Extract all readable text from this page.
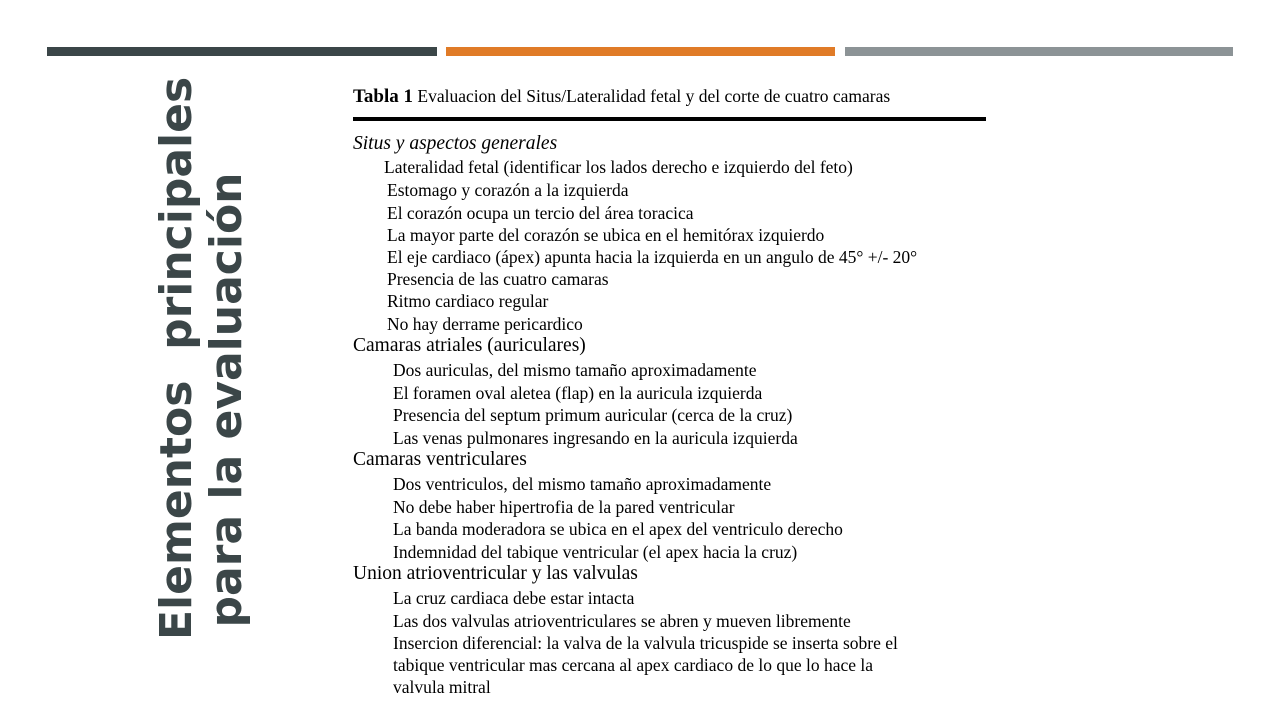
Elementos  principales para la evaluación
Tabla 1 Evaluacion del Situs/Lateralidad fetal y del corte de cuatro camaras
Situs y aspectos generales
Lateralidad fetal (identificar los lados derecho e izquierdo del feto)
Estomago y corazón a la izquierda
El corazón ocupa un tercio del área toracica
La mayor parte del corazón se ubica en el hemitórax izquierdo
El eje cardiaco (ápex) apunta hacia la izquierda en un angulo de 45° +/- 20°
Presencia de las cuatro camaras
Ritmo cardiaco regular
No hay derrame pericardico
Camaras atriales (auriculares)
Dos auriculas, del mismo tamaño aproximadamente
El foramen oval aletea (flap) en la auricula izquierda
Presencia del septum primum auricular (cerca de la cruz)
Las venas pulmonares ingresando en la auricula izquierda
Camaras ventriculares
Dos ventriculos, del mismo tamaño aproximadamente
No debe haber hipertrofia de la pared ventricular
La banda moderadora se ubica en el apex del ventriculo derecho
Indemnidad del tabique ventricular (el apex hacia la cruz)
Union atrioventricular y las valvulas
La cruz cardiaca debe estar intacta
Las dos valvulas atrioventriculares se abren y mueven libremente
Insercion diferencial: la valva de la valvula tricuspide se inserta sobre el
tabique ventricular mas cercana al apex cardiaco de lo que lo hace la
valvula mitral
